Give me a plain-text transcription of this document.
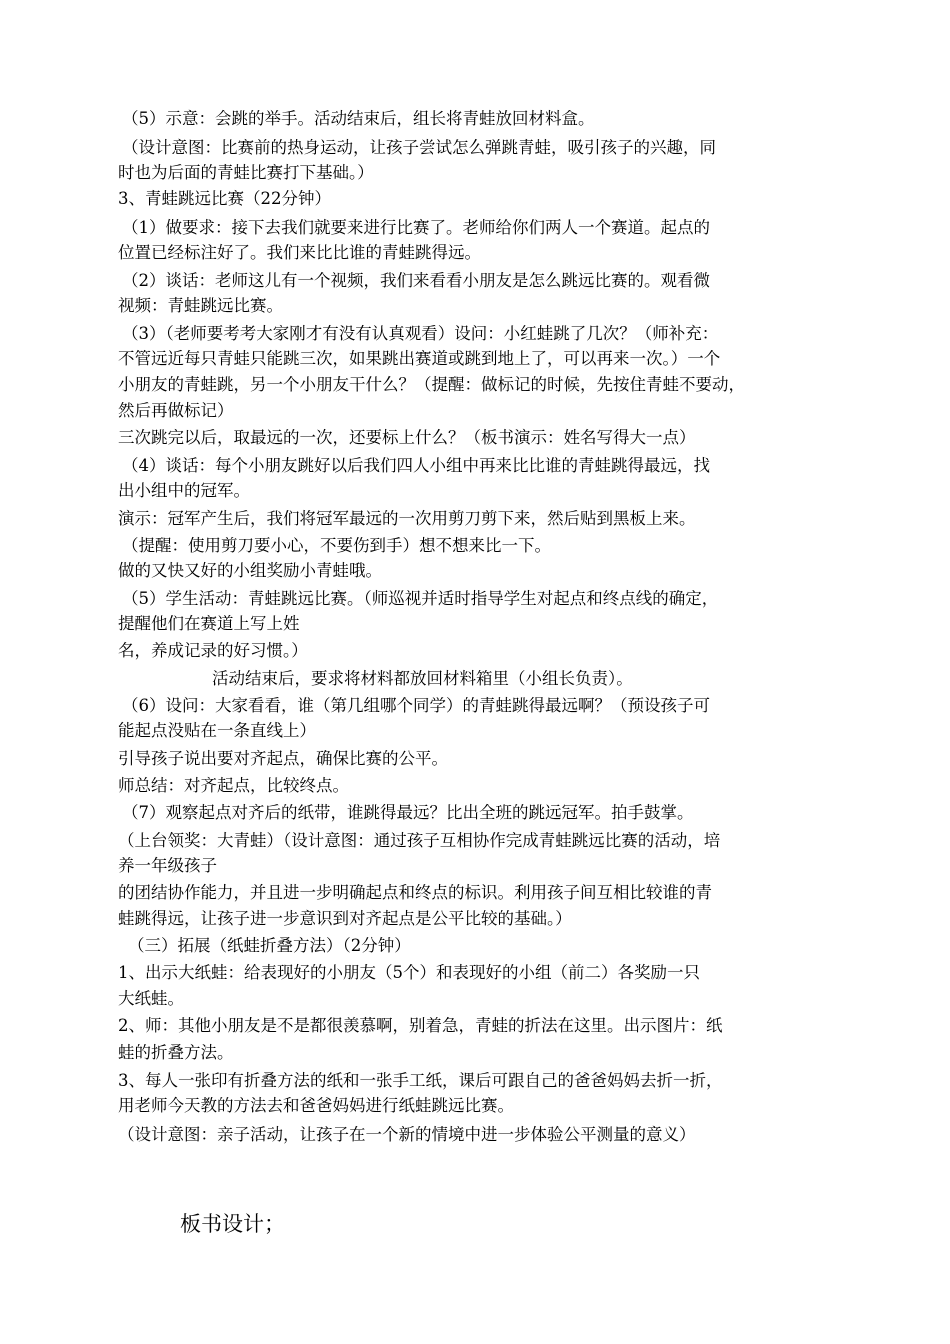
（5）示意：会跳的举手。活动结束后，组长将青蛙放回材料盒。
（设计意图：比赛前的热身运动，让孩子尝试怎么弹跳青蛙，吸引孩子的兴趣，同
时也为后面的青蛙比赛打下基础。）
3、青蛙跳远比赛（22分钟）
（1）做要求：接下去我们就要来进行比赛了。老师给你们两人一个赛道。起点的
位置已经标注好了。我们来比比谁的青蛙跳得远。
（2）谈话：老师这儿有一个视频，我们来看看小朋友是怎么跳远比赛的。观看微
视频：青蛙跳远比赛。
（3）（老师要考考大家刚才有没有认真观看）设问：小红蛙跳了几次？（师补充：
不管远近每只青蛙只能跳三次，如果跳出赛道或跳到地上了，可以再来一次。）一个
小朋友的青蛙跳，另一个小朋友干什么？（提醒：做标记的时候，先按住青蛙不要动，
然后再做标记）
三次跳完以后，取最远的一次，还要标上什么？（板书演示：姓名写得大一点）
（4）谈话：每个小朋友跳好以后我们四人小组中再来比比谁的青蛙跳得最远，找
出小组中的冠军。
演示：冠军产生后，我们将冠军最远的一次用剪刀剪下来，然后贴到黑板上来。
（提醒：使用剪刀要小心，不要伤到手）想不想来比一下。
做的又快又好的小组奖励小青蛙哦。
（5）学生活动：青蛙跳远比赛。（师巡视并适时指导学生对起点和终点线的确定，
提醒他们在赛道上写上姓
名，养成记录的好习惯。）
活动结束后，要求将材料都放回材料箱里（小组长负责）。
（6）设问：大家看看，谁（第几组哪个同学）的青蛙跳得最远啊？（预设孩子可
能起点没贴在一条直线上）
引导孩子说出要对齐起点，确保比赛的公平。
师总结：对齐起点，比较终点。
（7）观察起点对齐后的纸带，谁跳得最远？比出全班的跳远冠军。拍手鼓掌。
（上台领奖：大青蛙）（设计意图：通过孩子互相协作完成青蛙跳远比赛的活动，培
养一年级孩子
的团结协作能力，并且进一步明确起点和终点的标识。利用孩子间互相比较谁的青
蛙跳得远，让孩子进一步意识到对齐起点是公平比较的基础。）
（三）拓展（纸蛙折叠方法）（2分钟）
1、出示大纸蛙：给表现好的小朋友（5个）和表现好的小组（前二）各奖励一只
大纸蛙。
2、师：其他小朋友是不是都很羡慕啊，别着急，青蛙的折法在这里。出示图片：纸
蛙的折叠方法。
3、每人一张印有折叠方法的纸和一张手工纸，课后可跟自己的爸爸妈妈去折一折，
用老师今天教的方法去和爸爸妈妈进行纸蛙跳远比赛。
（设计意图：亲子活动，让孩子在一个新的情境中进一步体验公平测量的意义）
板书设计；
